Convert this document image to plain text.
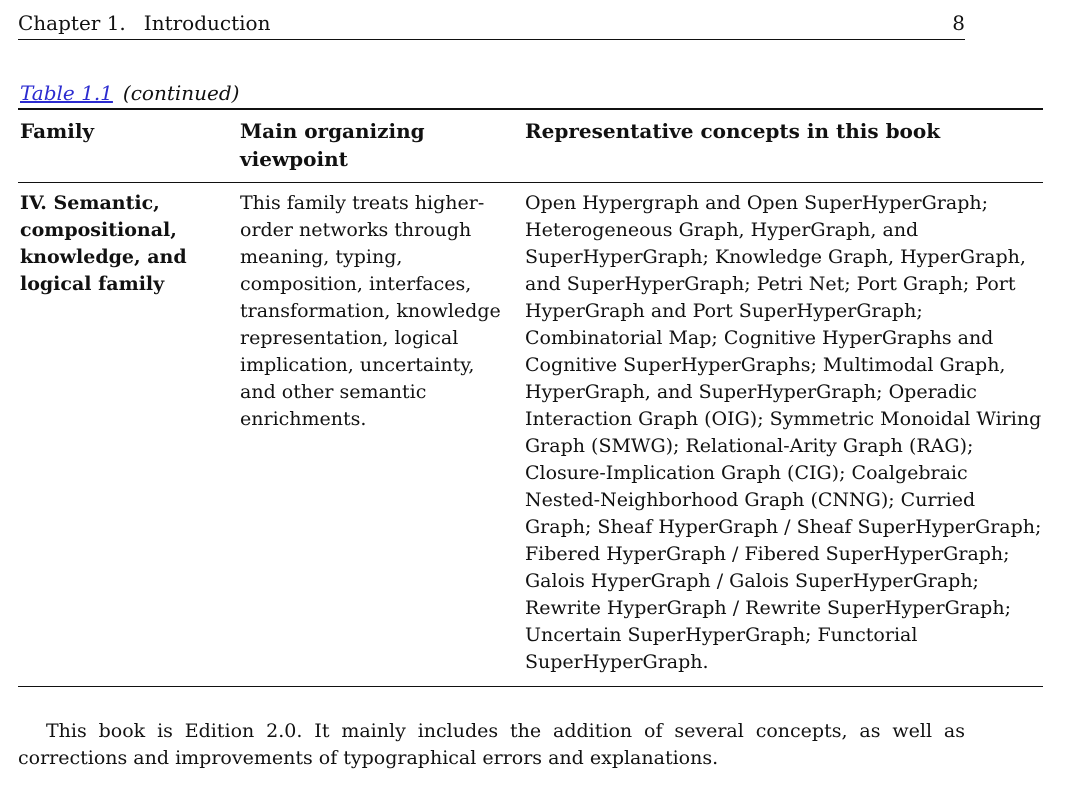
Chapter 1. Introduction	8
Table 1.1 (continued)
Family	Main organizing viewpoint
Representative concepts in this book
IV. Semantic, compositional, knowledge, and logical family
This family treats higher-order networks through meaning, typing, composition, interfaces, transformation, knowledge representation, logical implication, uncertainty, and other semantic enrichments.
Open Hypergraph and Open SuperHyperGraph; Heterogeneous Graph, HyperGraph, and SuperHyperGraph; Knowledge Graph, HyperGraph, and SuperHyperGraph; Petri Net; Port Graph; Port HyperGraph and Port SuperHyperGraph; Combinatorial Map; Cognitive HyperGraphs and Cognitive SuperHyperGraphs; Multimodal Graph, HyperGraph, and SuperHyperGraph; Operadic Interaction Graph (OIG); Symmetric Monoidal Wiring Graph (SMWG); Relational-Arity Graph (RAG); Closure-Implication Graph (CIG); Coalgebraic Nested-Neighborhood Graph (CNNG); Curried Graph; Sheaf HyperGraph / Sheaf SuperHyperGraph; Fibered HyperGraph / Fibered SuperHyperGraph; Galois HyperGraph / Galois SuperHyperGraph; Rewrite HyperGraph / Rewrite SuperHyperGraph; Uncertain SuperHyperGraph; Functorial SuperHyperGraph.

This book is Edition 2.0. It mainly includes the addition of several concepts, as well as corrections and improvements of typographical errors and explanations.
